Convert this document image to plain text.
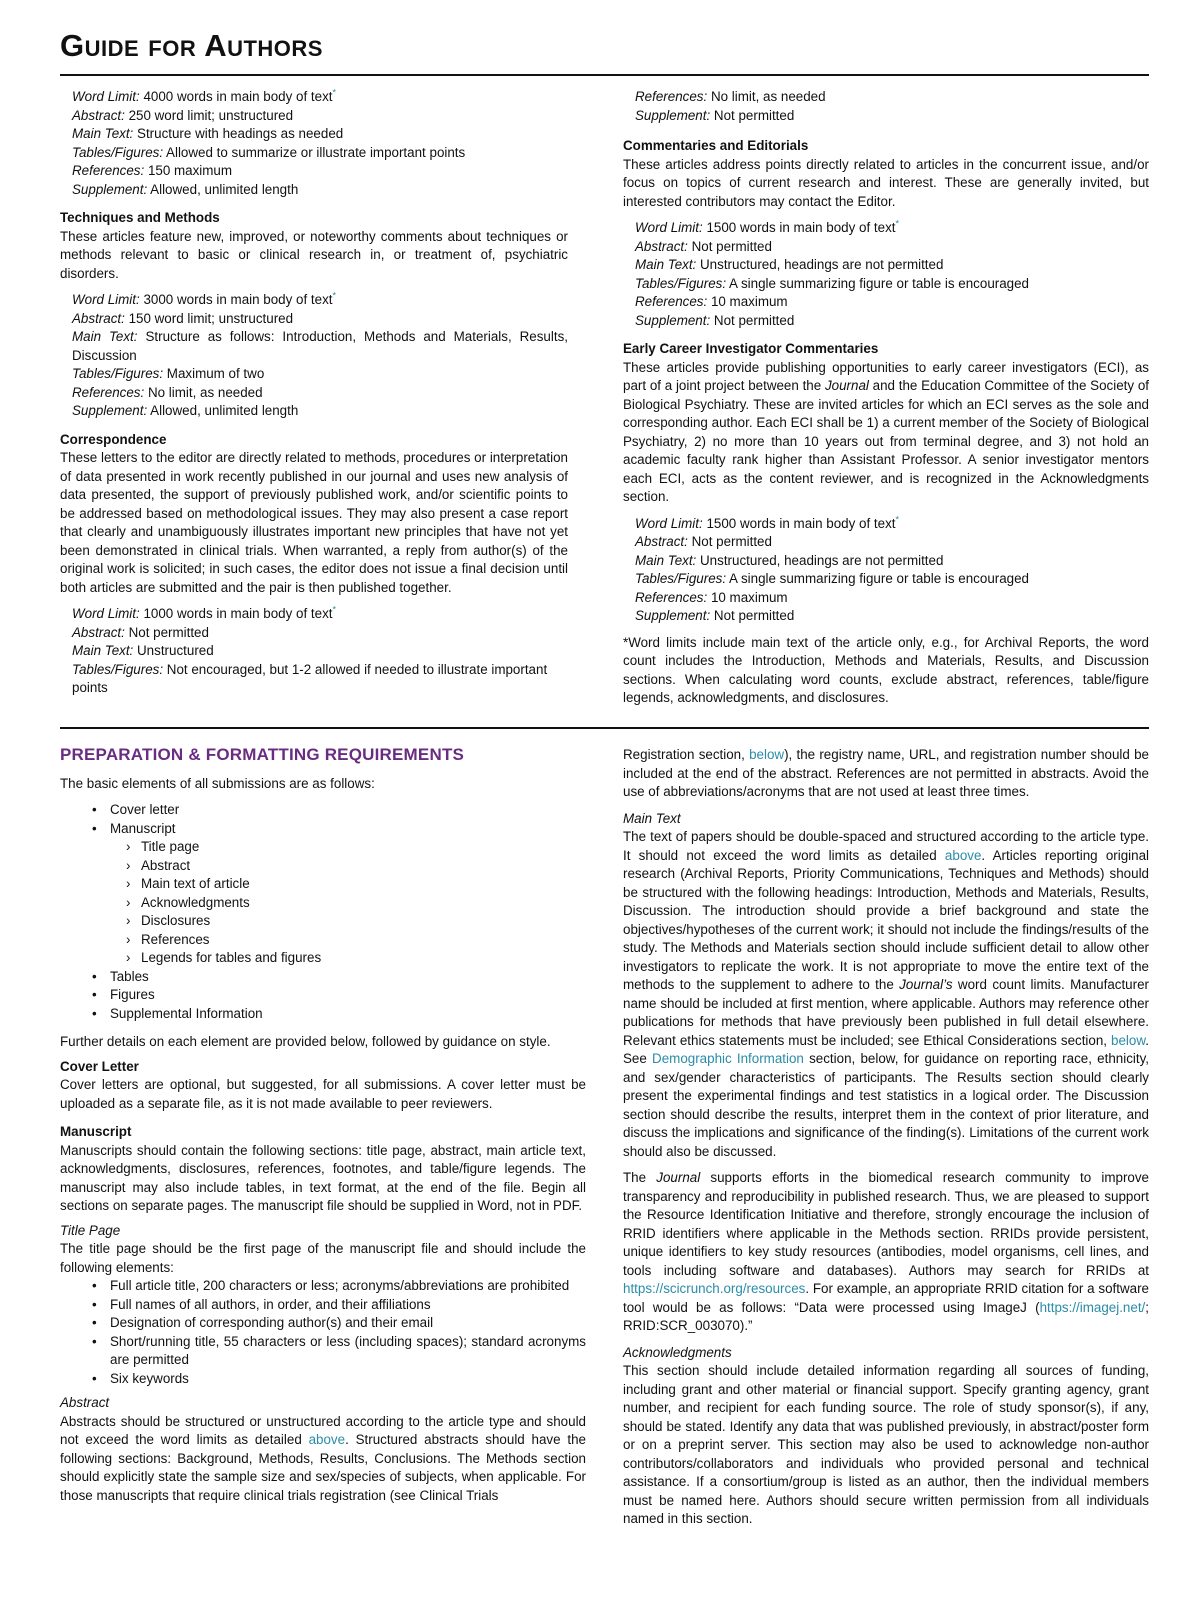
Guide for Authors
Word Limit: 4000 words in main body of text*
Abstract: 250 word limit; unstructured
Main Text: Structure with headings as needed
Tables/Figures: Allowed to summarize or illustrate important points
References: 150 maximum
Supplement: Allowed, unlimited length

Techniques and Methods

These articles feature new, improved, or noteworthy comments about techniques or methods relevant to basic or clinical research in, or treatment of, psychiatric disorders.

Word Limit: 3000 words in main body of text*
Abstract: 150 word limit; unstructured
Main Text: Structure as follows: Introduction, Methods and Materials, Results, Discussion
Tables/Figures: Maximum of two
References: No limit, as needed
Supplement: Allowed, unlimited length

Correspondence

These letters to the editor are directly related to methods, procedures or interpretation of data presented in work recently published in our journal and uses new analysis of data presented, the support of previously published work, and/or scientific points to be addressed based on methodological issues. They may also present a case report that clearly and unambiguously illustrates important new principles that have not yet been demonstrated in clinical trials. When warranted, a reply from author(s) of the original work is solicited; in such cases, the editor does not issue a final decision until both articles are submitted and the pair is then published together.

Word Limit: 1000 words in main body of text*
Abstract: Not permitted
Main Text: Unstructured
Tables/Figures: Not encouraged, but 1-2 allowed if needed to illustrate important points
References: No limit, as needed
Supplement: Not permitted

Commentaries and Editorials

These articles address points directly related to articles in the concurrent issue, and/or focus on topics of current research and interest. These are generally invited, but interested contributors may contact the Editor.

Word Limit: 1500 words in main body of text*
Abstract: Not permitted
Main Text: Unstructured, headings are not permitted
Tables/Figures: A single summarizing figure or table is encouraged
References: 10 maximum
Supplement: Not permitted

Early Career Investigator Commentaries

These articles provide publishing opportunities to early career investigators (ECI), as part of a joint project between the Journal and the Education Committee of the Society of Biological Psychiatry. These are invited articles for which an ECI serves as the sole and corresponding author. Each ECI shall be 1) a current member of the Society of Biological Psychiatry, 2) no more than 10 years out from terminal degree, and 3) not hold an academic faculty rank higher than Assistant Professor. A senior investigator mentors each ECI, acts as the content reviewer, and is recognized in the Acknowledgments section.

Word Limit: 1500 words in main body of text*
Abstract: Not permitted
Main Text: Unstructured, headings are not permitted
Tables/Figures: A single summarizing figure or table is encouraged
References: 10 maximum
Supplement: Not permitted

*Word limits include main text of the article only, e.g., for Archival Reports, the word count includes the Introduction, Methods and Materials, Results, and Discussion sections. When calculating word counts, exclude abstract, references, table/figure legends, acknowledgments, and disclosures.

PREPARATION & FORMATTING REQUIREMENTS

The basic elements of all submissions are as follows:

• Cover letter
• Manuscript
› Title page
› Abstract
› Main text of article
› Acknowledgments
› Disclosures
› References
› Legends for tables and figures
• Tables
• Figures
• Supplemental Information

Further details on each element are provided below, followed by guidance on style.

Cover Letter

Cover letters are optional, but suggested, for all submissions. A cover letter must be uploaded as a separate file, as it is not made available to peer reviewers.

Manuscript

Manuscripts should contain the following sections: title page, abstract, main article text, acknowledgments, disclosures, references, footnotes, and table/figure legends. The manuscript may also include tables, in text format, at the end of the file. Begin all sections on separate pages. The manuscript file should be supplied in Word, not in PDF.

Title Page

The title page should be the first page of the manuscript file and should include the following elements:

• Full article title, 200 characters or less; acronyms/abbreviations are prohibited
• Full names of all authors, in order, and their affiliations
• Designation of corresponding author(s) and their email
• Short/running title, 55 characters or less (including spaces); standard acronyms are permitted
• Six keywords

Abstract

Abstracts should be structured or unstructured according to the article type and should not exceed the word limits as detailed above. Structured abstracts should have the following sections: Background, Methods, Results, Conclusions. The Methods section should explicitly state the sample size and sex/species of subjects, when applicable. For those manuscripts that require clinical trials registration (see Clinical Trials

Registration section, below), the registry name, URL, and registration number should be included at the end of the abstract. References are not permitted in abstracts. Avoid the use of abbreviations/acronyms that are not used at least three times.

Main Text

The text of papers should be double-spaced and structured according to the article type. It should not exceed the word limits as detailed above. Articles reporting original research (Archival Reports, Priority Communications, Techniques and Methods) should be structured with the following headings: Introduction, Methods and Materials, Results, Discussion. The introduction should provide a brief background and state the objectives/hypotheses of the current work; it should not include the findings/results of the study. The Methods and Materials section should include sufficient detail to allow other investigators to replicate the work. It is not appropriate to move the entire text of the methods to the supplement to adhere to the Journal’s word count limits. Manufacturer name should be included at first mention, where applicable. Authors may reference other publications for methods that have previously been published in full detail elsewhere. Relevant ethics statements must be included; see Ethical Considerations section, below. See Demographic Information section, below, for guidance on reporting race, ethnicity, and sex/gender characteristics of participants. The Results section should clearly present the experimental findings and test statistics in a logical order. The Discussion section should describe the results, interpret them in the context of prior literature, and discuss the implications and significance of the finding(s). Limitations of the current work should also be discussed.

The Journal supports efforts in the biomedical research community to improve transparency and reproducibility in published research. Thus, we are pleased to support the Resource Identification Initiative and therefore, strongly encourage the inclusion of RRID identifiers where applicable in the Methods section. RRIDs provide persistent, unique identifiers to key study resources (antibodies, model organisms, cell lines, and tools including software and databases). Authors may search for RRIDs at https://scicrunch.org/resources. For example, an appropriate RRID citation for a software tool would be as follows: “Data were processed using ImageJ (https://imagej.net/; RRID:SCR_003070).”

Acknowledgments

This section should include detailed information regarding all sources of funding, including grant and other material or financial support. Specify granting agency, grant number, and recipient for each funding source. The role of study sponsor(s), if any, should be stated. Identify any data that was published previously, in abstract/poster form or on a preprint server. This section may also be used to acknowledge non-author contributors/collaborators and individuals who provided personal and technical assistance. If a consortium/group is listed as an author, then the individual members must be named here. Authors should secure written permission from all individuals named in this section.
